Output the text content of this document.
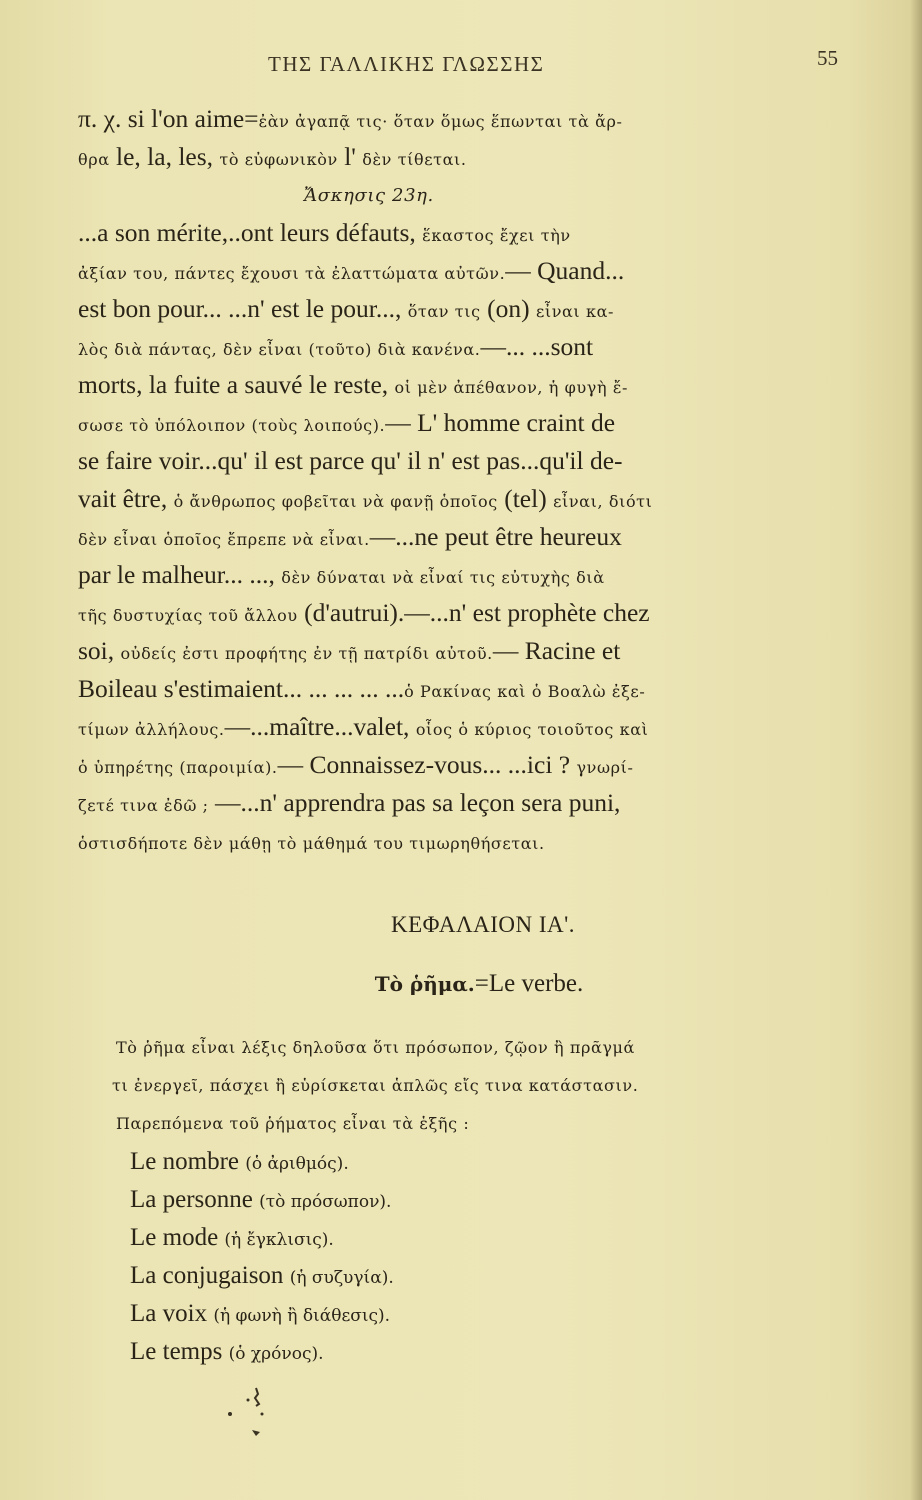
ΤΗΣ ΓΑΛΛΙΚΗΣ ΓΛΩΣΣΗΣ	55
π. χ. si l'on aime=ἐὰν ἀγαπᾷ τις· ὅταν ὅμως ἕπωνται τὰ ἄρ-
θρα le, la, les, τὸ εὐφωνικὸν l' δὲν τίθεται.
Ἄσκησις 23η.
...a son mérite,..ont leurs défauts, ἕκαστος ἔχει τὴν
ἀξίαν του, πάντες ἔχουσι τὰ ἐλαττώματα αὐτῶν.— Quand...
est bon pour... ...n' est le pour..., ὅταν τις (on) εἶναι κα-
λὸς διὰ πάντας, δὲν εἶναι (τοῦτο) διὰ κανένα.—... ...sont
morts, la fuite a sauvé le reste, οἱ μὲν ἀπέθανον, ἡ φυγὴ ἔ-
σωσε τὸ ὑπόλοιπον (τοὺς λοιπούς).— L' homme craint de
se faire voir...qu' il est parce qu' il n' est pas...qu'il de-
vait être, ὁ ἄνθρωπος φοβεῖται νὰ φανῇ ὁποῖος (tel) εἶναι, διότι
δὲν εἶναι ὁποῖος ἔπρεπε νὰ εἶναι.—...ne peut être heureux
par le malheur... ..., δὲν δύναται νὰ εἶναί τις εὐτυχὴς διὰ
τῆς δυστυχίας τοῦ ἄλλου (d'autrui).—...n' est prophète chez
soi, οὐδείς ἐστι προφήτης ἐν τῇ πατρίδι αὐτοῦ.— Racine et
Boileau s'estimaient... ... ... ... ...ὁ Ρακίνας καὶ ὁ Βοαλὼ ἐξε-
τίμων ἀλλήλους.—...maître...valet, οἷος ὁ κύριος τοιοῦτος καὶ
ὁ ὑπηρέτης (παροιμία).— Connaissez-vous... ...ici ? γνωρί-
ζετέ τινα ἐδῶ ; —...n' apprendra pas sa leçon sera puni,
ὁστισδήποτε δὲν μάθῃ τὸ μάθημά του τιμωρηθήσεται.
ΚΕΦΑΛΑΙΟΝ ΙΑ'.
Τὸ ῥῆμα.=Le verbe.
Τὸ ῥῆμα εἶναι λέξις δηλοῦσα ὅτι πρόσωπον, ζῷον ἢ πρᾶγμά
τι ἐνεργεῖ, πάσχει ἢ εὑρίσκεται ἁπλῶς εἴς τινα κατάστασιν.
Παρεπόμενα τοῦ ῥήματος εἶναι τὰ ἑξῆς :
Le nombre (ὁ ἀριθμός).
La personne (τὸ πρόσωπον).
Le mode (ἡ ἔγκλισις).
La conjugaison (ἡ συζυγία).
La voix (ἡ φωνὴ ἢ διάθεσις).
Le temps (ὁ χρόνος).
